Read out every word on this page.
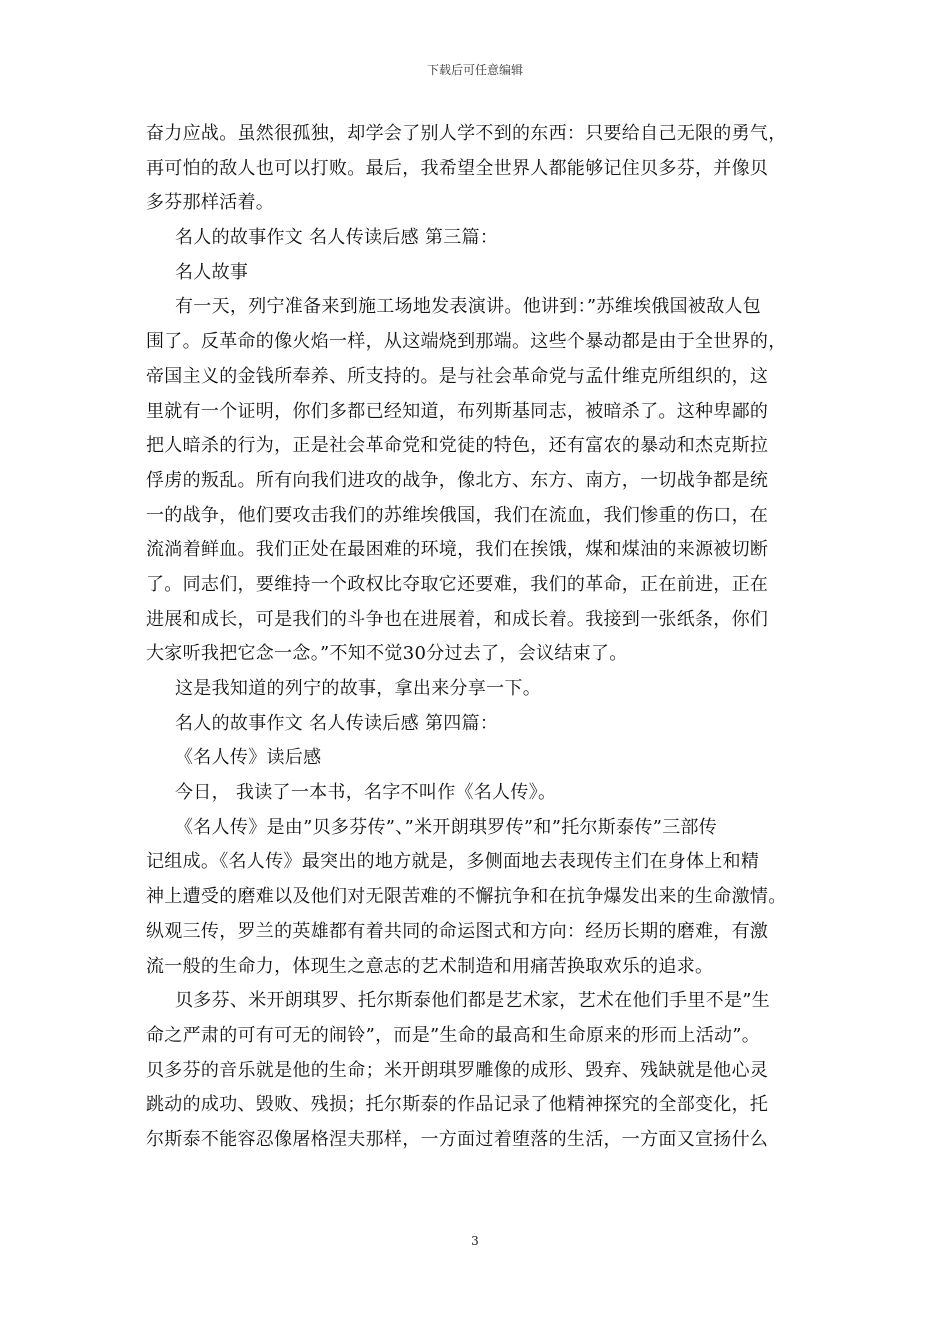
下载后可任意编辑
奋力应战。虽然很孤独，却学会了别人学不到的东西：只要给自己无限的勇气，
再可怕的敌人也可以打败。最后，我希望全世界人都能够记住贝多芬，并像贝
多芬那样活着。
名人的故事作文 名人传读后感 第三篇：
名人故事
有一天，列宁准备来到施工场地发表演讲。他讲到：”苏维埃俄国被敌人包
围了。反革命的像火焰一样，从这端烧到那端。这些个暴动都是由于全世界的，
帝国主义的金钱所奉养、所支持的。是与社会革命党与孟什维克所组织的，这
里就有一个证明，你们多都已经知道，布列斯基同志，被暗杀了。这种卑鄙的
把人暗杀的行为，正是社会革命党和党徒的特色，还有富农的暴动和杰克斯拉
俘虏的叛乱。所有向我们进攻的战争，像北方、东方、南方，一切战争都是统
一的战争，他们要攻击我们的苏维埃俄国，我们在流血，我们惨重的伤口，在
流淌着鲜血。我们正处在最困难的环境，我们在挨饿，煤和煤油的来源被切断
了。同志们，要维持一个政权比夺取它还要难，我们的革命，正在前进，正在
进展和成长，可是我们的斗争也在进展着，和成长着。我接到一张纸条，你们
大家听我把它念一念。”不知不觉30分过去了，会议结束了。
这是我知道的列宁的故事，拿出来分享一下。
名人的故事作文 名人传读后感 第四篇：
《名人传》读后感
今日， 我读了一本书，名字不叫作《名人传》。
《名人传》是由”贝多芬传”、”米开朗琪罗传”和”托尔斯泰传”三部传
记组成。《名人传》最突出的地方就是，多侧面地去表现传主们在身体上和精
神上遭受的磨难以及他们对无限苦难的不懈抗争和在抗争爆发出来的生命激情。
纵观三传，罗兰的英雄都有着共同的命运图式和方向：经历长期的磨难，有激
流一般的生命力，体现生之意志的艺术制造和用痛苦换取欢乐的追求。
贝多芬、米开朗琪罗、托尔斯泰他们都是艺术家，艺术在他们手里不是”生
命之严肃的可有可无的闹铃”，而是”生命的最高和生命原来的形而上活动”。
贝多芬的音乐就是他的生命；米开朗琪罗雕像的成形、毁弃、残缺就是他心灵
跳动的成功、毁败、残损；托尔斯泰的作品记录了他精神探究的全部变化，托
尔斯泰不能容忍像屠格涅夫那样，一方面过着堕落的生活，一方面又宣扬什么
3
